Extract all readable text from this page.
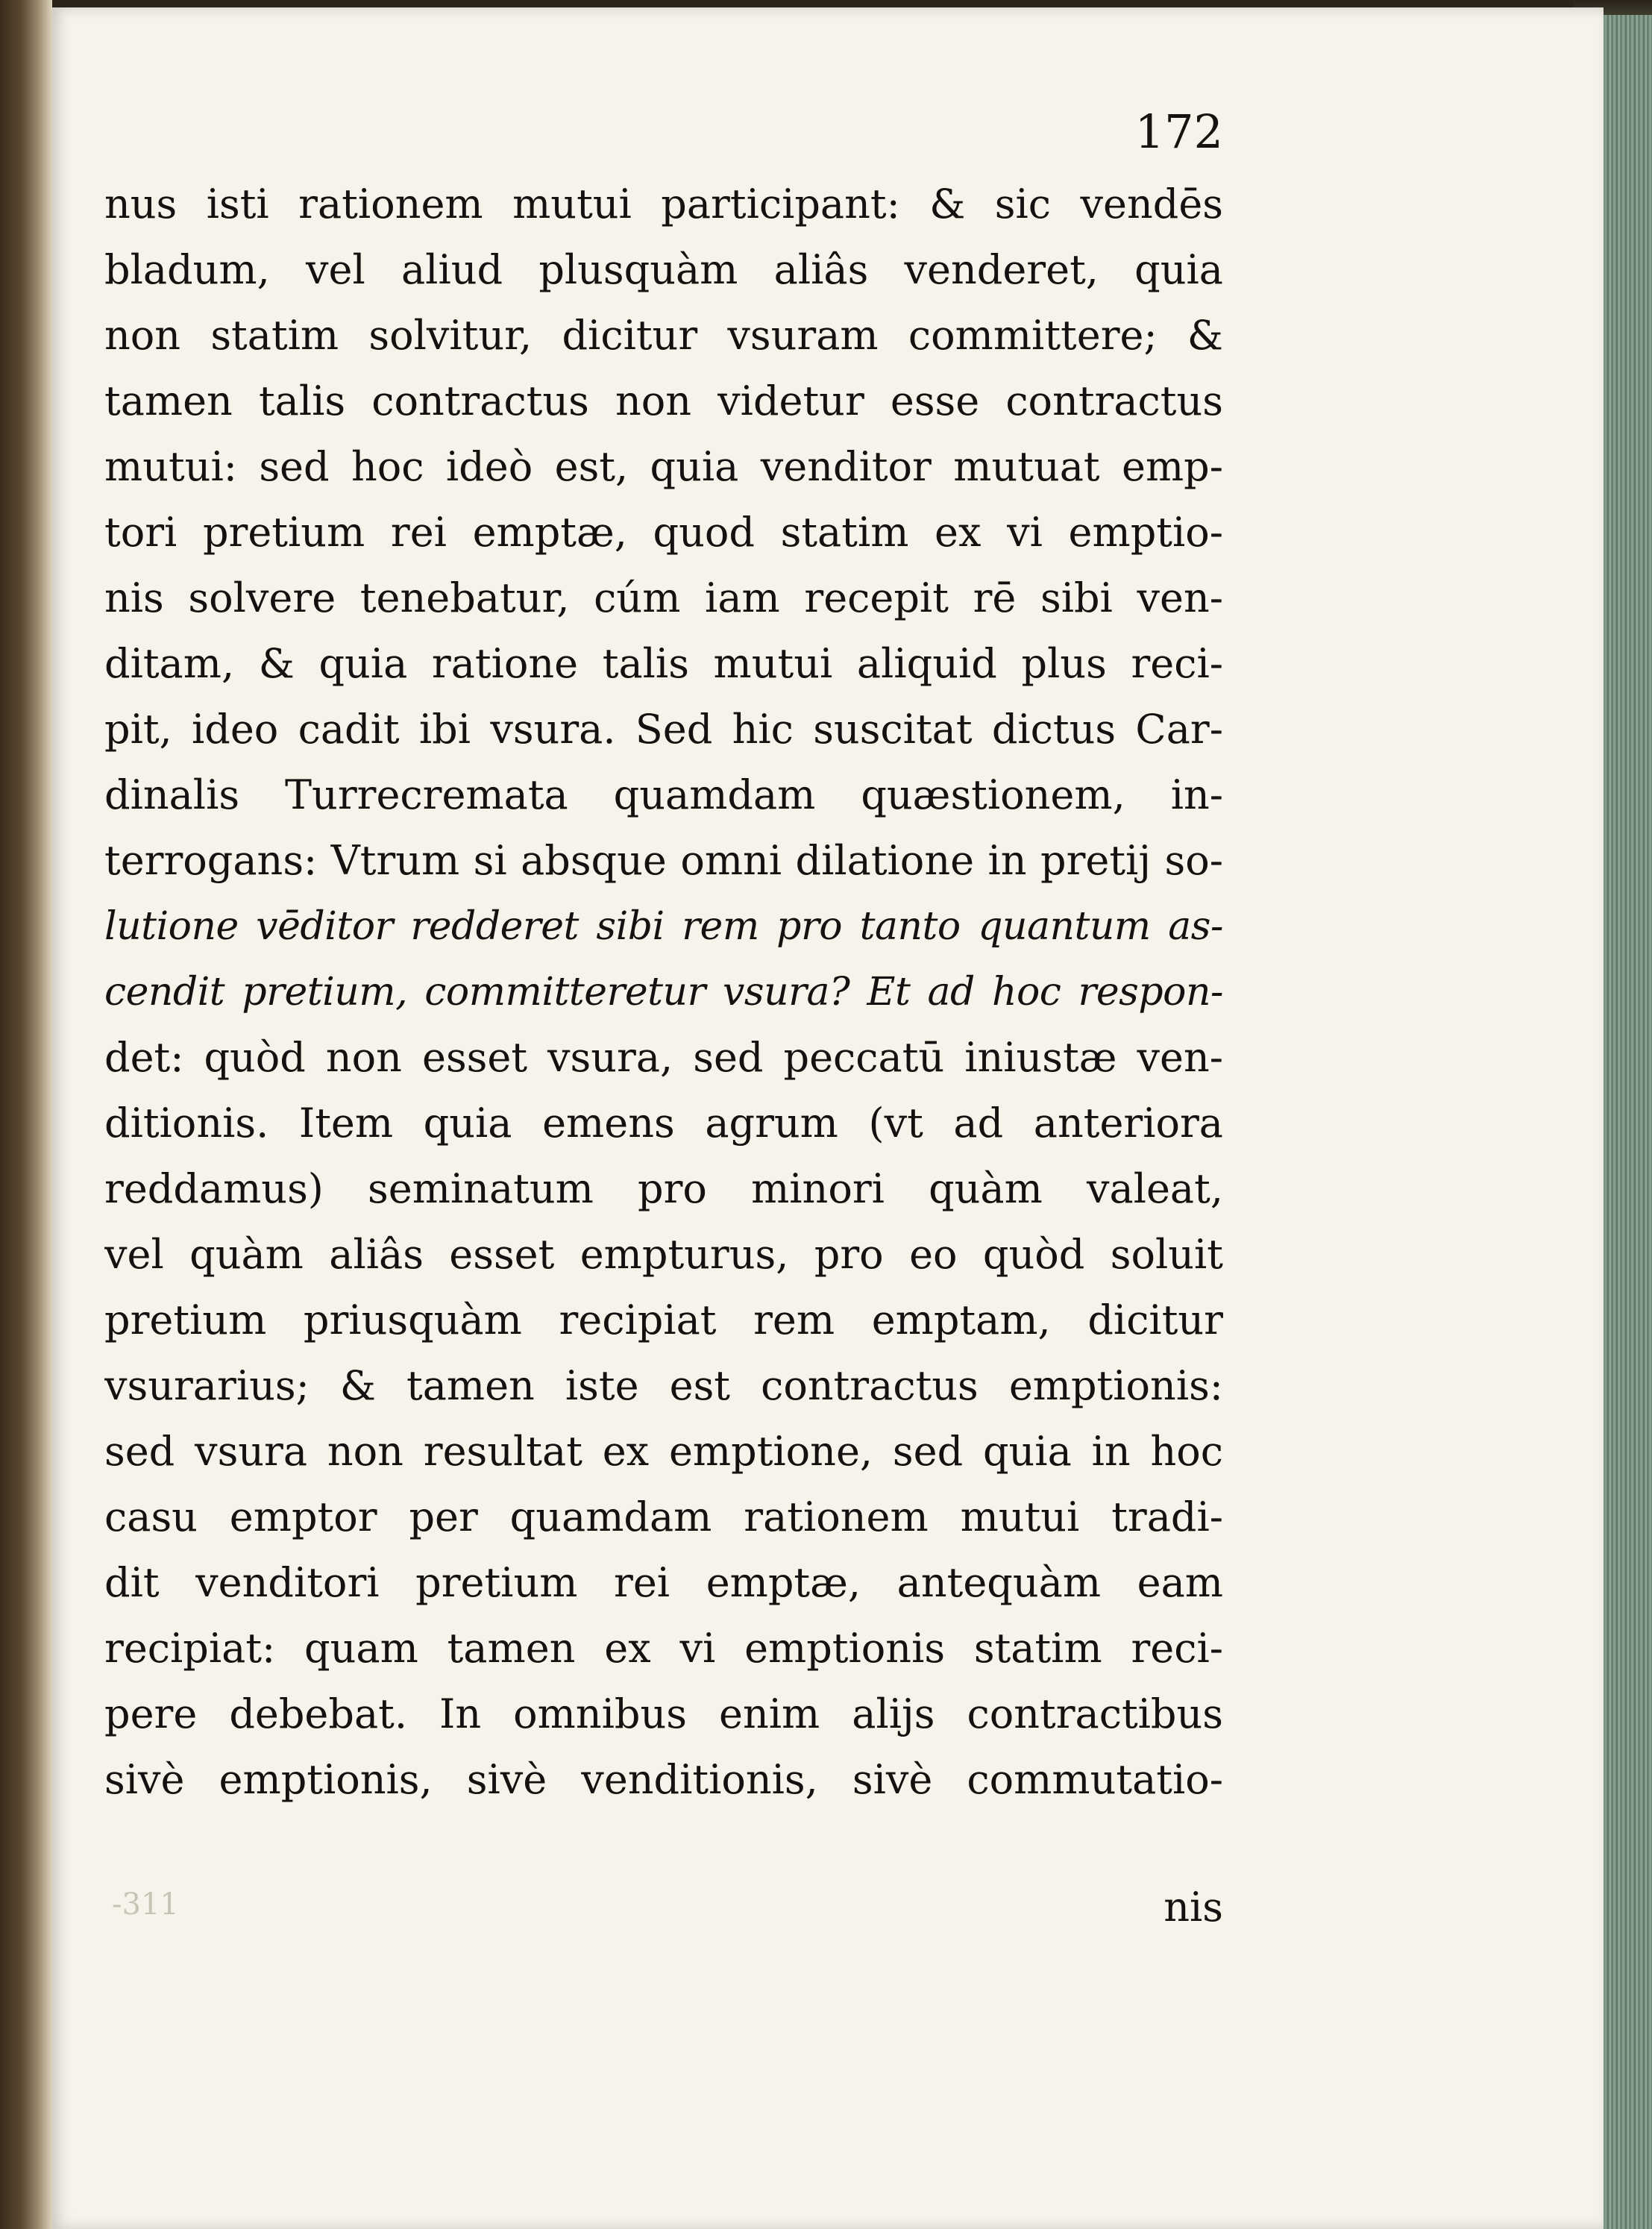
172
nus isti rationem mutui participant: & sic vendēs
bladum, vel aliud plusquàm aliâs venderet, quia
non statim solvitur, dicitur vsuram committere; &
tamen talis contractus non videtur esse contractus
mutui: sed hoc ideò est, quia venditor mutuat emp-
tori pretium rei emptæ, quod statim ex vi emptio-
nis solvere tenebatur, cúm iam recepit rē sibi ven-
ditam, & quia ratione talis mutui aliquid plus reci-
pit, ideo cadit ibi vsura. Sed hic suscitat dictus Car-
dinalis Turrecremata quamdam quæstionem, in-
terrogans: Vtrum si absque omni dilatione in pretij so-
lutione vēditor redderet sibi rem pro tanto quantum as-
cendit pretium, committeretur vsura? Et ad hoc respon-
det: quòd non esset vsura, sed peccatū iniustæ ven-
ditionis. Item quia emens agrum (vt ad anteriora
reddamus) seminatum pro minori quàm valeat,
vel quàm aliâs esset empturus, pro eo quòd soluit
pretium priusquàm recipiat rem emptam, dicitur
vsurarius; & tamen iste est contractus emptionis:
sed vsura non resultat ex emptione, sed quia in hoc
casu emptor per quamdam rationem mutui tradi-
dit venditori pretium rei emptæ, antequàm eam
recipiat: quam tamen ex vi emptionis statim reci-
pere debebat. In omnibus enim alijs contractibus
sivè emptionis, sivè venditionis, sivè commutatio-
-311	nis
